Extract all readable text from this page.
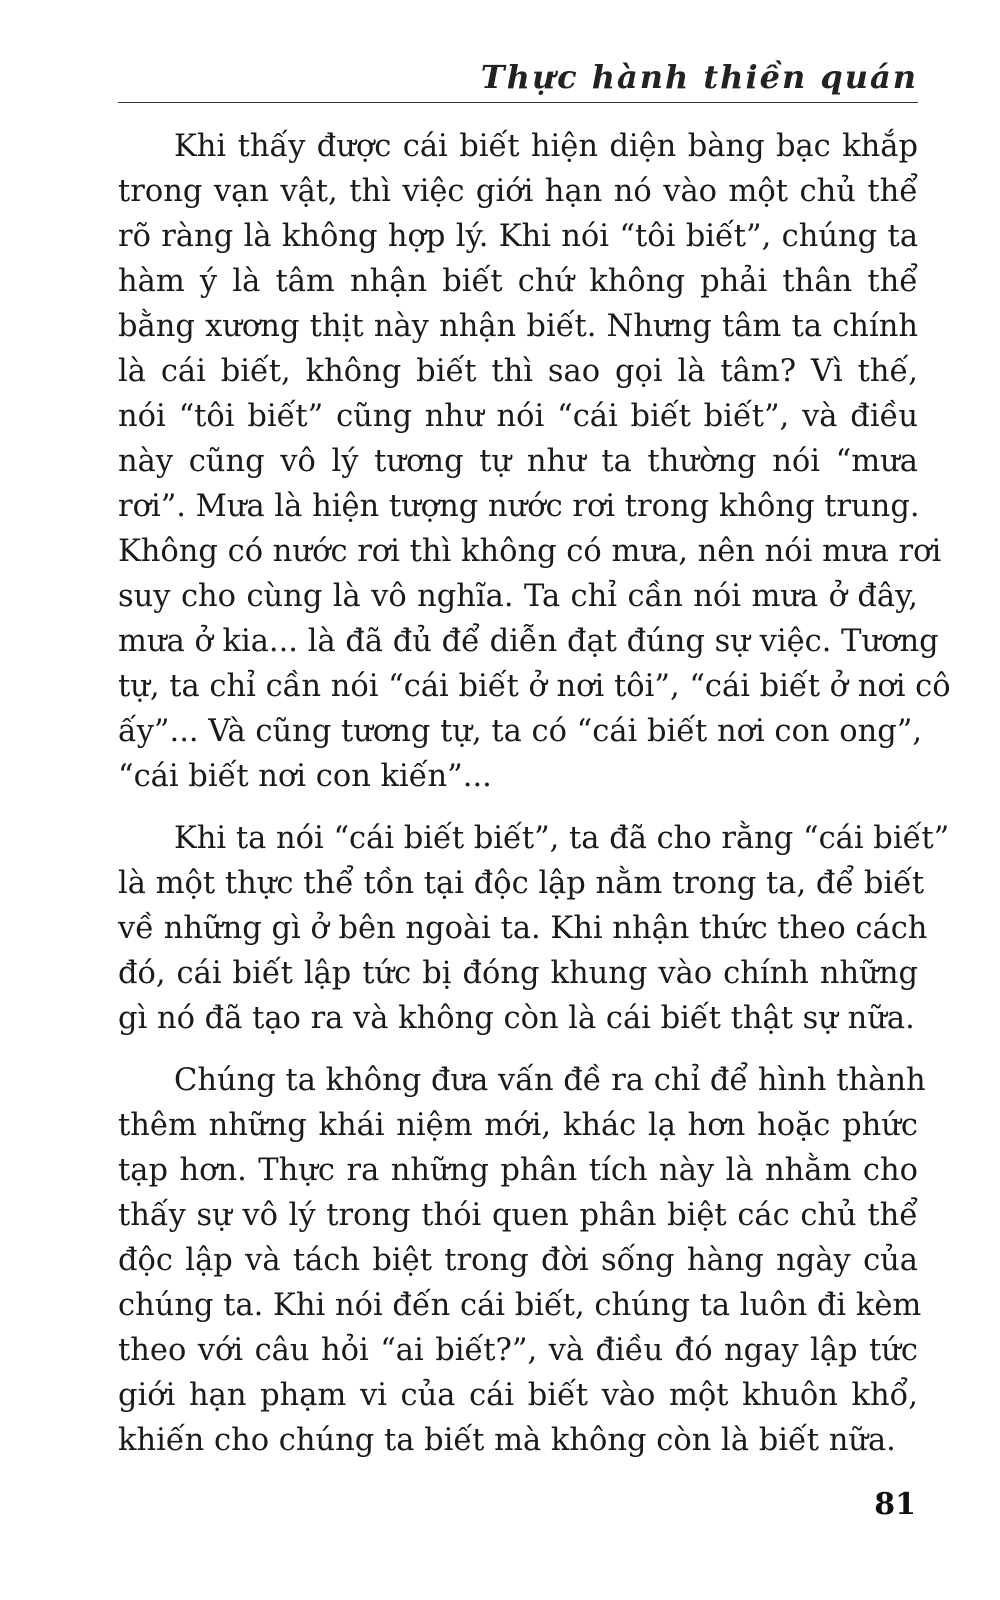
Thực hành thiền quán
Khi thấy được cái biết hiện diện bàng bạc khắp
trong vạn vật, thì việc giới hạn nó vào một chủ thể
rõ ràng là không hợp lý. Khi nói “tôi biết”, chúng ta
hàm ý là tâm nhận biết chứ không phải thân thể
bằng xương thịt này nhận biết. Nhưng tâm ta chính
là cái biết, không biết thì sao gọi là tâm? Vì thế,
nói “tôi biết” cũng như nói “cái biết biết”, và điều
này cũng vô lý tương tự như ta thường nói “mưa
rơi”. Mưa là hiện tượng nước rơi trong không trung.
Không có nước rơi thì không có mưa, nên nói mưa rơi
suy cho cùng là vô nghĩa. Ta chỉ cần nói mưa ở đây,
mưa ở kia... là đã đủ để diễn đạt đúng sự việc. Tương
tự, ta chỉ cần nói “cái biết ở nơi tôi”, “cái biết ở nơi cô
ấy”... Và cũng tương tự, ta có “cái biết nơi con ong”,
“cái biết nơi con kiến”...
Khi ta nói “cái biết biết”, ta đã cho rằng “cái biết”
là một thực thể tồn tại độc lập nằm trong ta, để biết
về những gì ở bên ngoài ta. Khi nhận thức theo cách
đó, cái biết lập tức bị đóng khung vào chính những
gì nó đã tạo ra và không còn là cái biết thật sự nữa.
Chúng ta không đưa vấn đề ra chỉ để hình thành
thêm những khái niệm mới, khác lạ hơn hoặc phức
tạp hơn. Thực ra những phân tích này là nhằm cho
thấy sự vô lý trong thói quen phân biệt các chủ thể
độc lập và tách biệt trong đời sống hàng ngày của
chúng ta. Khi nói đến cái biết, chúng ta luôn đi kèm
theo với câu hỏi “ai biết?”, và điều đó ngay lập tức
giới hạn phạm vi của cái biết vào một khuôn khổ,
khiến cho chúng ta biết mà không còn là biết nữa.
81
